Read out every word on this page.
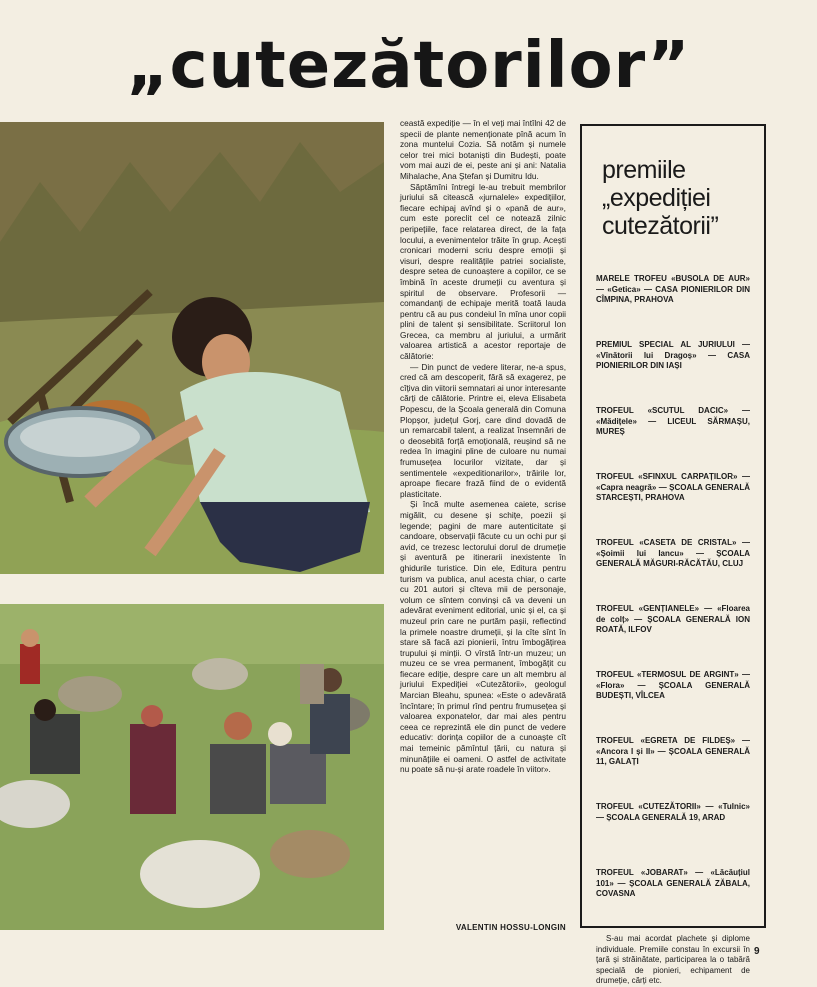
„cutezătorilor”

ceastă expediție — în el veți mai întîlni 42 de specii de plante nemenționate pînă acum în zona muntelui Cozia. Să notăm și numele celor trei mici botaniști din Budești, poate vom mai auzi de ei, peste ani și ani: Natalia Mihalache, Ana Ștefan și Dumitru Idu.

Săptămîni întregi le-au trebuit membrilor juriului să citească «jurnalele» expedițiilor, fiecare echipaj avînd și o «pană de aur», cum este poreclit cel ce notează zilnic peripețiile, face relatarea direct, de la fața locului, a evenimentelor trăite în grup. Acești cronicari moderni scriu despre emoții și visuri, despre realitățile patriei socialiste, despre setea de cunoaștere a copiilor, ce se îmbină în aceste drumeții cu aventura și spiritul de observare. Profesorii — comandanți de echipaje merită toată lauda pentru că au pus condeiul în mîna unor copii plini de talent și sensibilitate. Scriitorul Ion Grecea, ca membru al juriului, a urmărit valoarea artistică a acestor reportaje de călătorie:

— Din punct de vedere literar, ne-a spus, cred că am descoperit, fără să exagerez, pe cîțiva din viitorii semnatari ai unor interesante cărți de călătorie. Printre ei, eleva Elisabeta Popescu, de la Școala generală din Comuna Plopșor, județul Gorj, care dind dovadă de un remarcabil talent, a realizat însemnări de o deosebită forță emoțională, reușind să ne redea în imagini pline de culoare nu numai frumusețea locurilor vizitate, dar și sentimentele «expeditionarilor», trăirile lor, aproape fiecare frază fiind de o evidentă plasticitate.

Și încă multe asemenea caiete, scrise migălit, cu desene și schițe, poezii și legende; pagini de mare autenticitate și candoare, observații făcute cu un ochi pur și avid, ce trezesc lectorului dorul de drumeție și aventură pe itinerarii inexistente în ghidurile turistice. Din ele, Editura pentru turism va publica, anul acesta chiar, o carte cu 201 autori și cîteva mii de personaje, volum ce sîntem convinși că va deveni un adevărat eveniment editorial, unic și el, ca și muzeul prin care ne purtăm pașii, reflectind la primele noastre drumeții, și la cîte sînt în stare să facă azi pionierii, întru îmbogățirea trupului și minții. O vîrstă într-un muzeu; un muzeu ce se vrea permanent, îmbogățit cu fiecare ediție, despre care un alt membru al juriului Expediției «Cutezătorii», geologul Marcian Bleahu, spunea: «Este o adevărată încîntare; în primul rînd pentru frumusețea și valoarea exponatelor, dar mai ales pentru ceea ce reprezintă ele din punct de vedere educativ: dorința copiilor de a cunoaște cît mai temeinic pămîntul țării, cu natura și minunățiile ei oameni. O astfel de activitate nu poate să nu-și arate roadele în viitor».

VALENTIN HOSSU-LONGIN
premiile
„expediției
cutezătorii”
MARELE TROFEU «BUSOLA DE AUR» — «Getica» — CASA PIONIERILOR DIN CÎMPINA, PRAHOVA
PREMIUL SPECIAL AL JURIULUI — «Vînătorii lui Dragoș» — CASA PIONIERILOR DIN IAȘI
TROFEUL «SCUTUL DACIC» — «Mădițele» — LICEUL SĂRMAȘU, MUREȘ
TROFEUL «SFINXUL CARPAȚILOR» — «Capra neagră» — ȘCOALA GENERALĂ STARCEȘTI, PRAHOVA
TROFEUL «CASETA DE CRISTAL» — «Șoimii lui Iancu» — ȘCOALA GENERALĂ MĂGURI-RĂCĂTĂU, CLUJ
TROFEUL «GENȚIANELE» — «Floarea de colț» — ȘCOALA GENERALĂ ION ROATĂ, ILFOV
TROFEUL «TERMOSUL DE ARGINT» — «Flora» — ȘCOALA GENERALĂ BUDEȘTI, VÎLCEA
TROFEUL «EGRETA DE FILDEȘ» — «Ancora I și II» — ȘCOALA GENERALĂ 11, GALAȚI
TROFEUL «CUTEZĂTORII» — «Tulnic» — ȘCOALA GENERALĂ 19, ARAD
TROFEUL «JOBARAT» — «Lăcăuțiul 101» — ȘCOALA GENERALĂ ZĂBALA, COVASNA
S-au mai acordat plachete și diplome individuale. Premiile constau în excursii în țară și străinătate, participarea la o tabără specială de pionieri, echipament de drumeție, cărți etc.
9
